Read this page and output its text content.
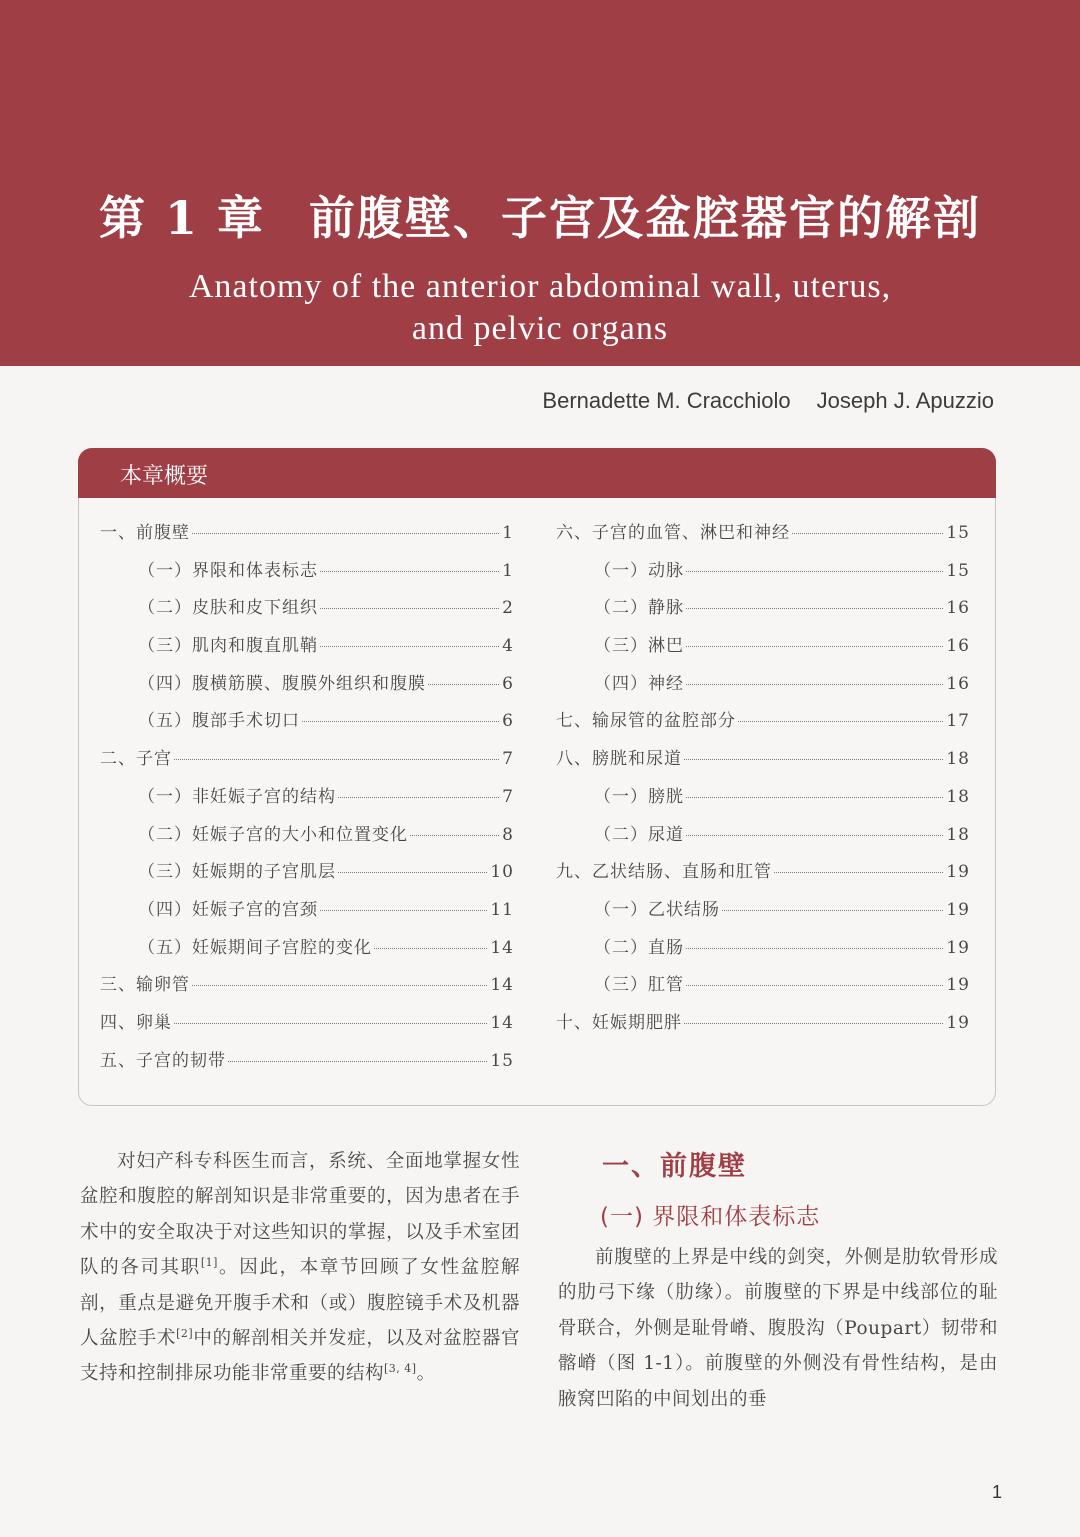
第 1 章 前腹壁、子宫及盆腔器官的解剖
Anatomy of the anterior abdominal wall, uterus,
and pelvic organs
Bernadette M. Cracchiolo Joseph J. Apuzzio
本章概要
一、前腹壁	1
（一）界限和体表标志	1
（二）皮肤和皮下组织	2
（三）肌肉和腹直肌鞘	4
（四）腹横筋膜、腹膜外组织和腹膜	6
（五）腹部手术切口	6
二、子宫	7
（一）非妊娠子宫的结构	7
（二）妊娠子宫的大小和位置变化	8
（三）妊娠期的子宫肌层	10
（四）妊娠子宫的宫颈	11
（五）妊娠期间子宫腔的变化	14
三、输卵管	14
四、卵巢	14
五、子宫的韧带	15
六、子宫的血管、淋巴和神经	15
（一）动脉	15
（二）静脉	16
（三）淋巴	16
（四）神经	16
七、输尿管的盆腔部分	17
八、膀胱和尿道	18
（一）膀胱	18
（二）尿道	18
九、乙状结肠、直肠和肛管	19
（一）乙状结肠	19
（二）直肠	19
（三）肛管	19
十、妊娠期肥胖	19
对妇产科专科医生而言，系统、全面地掌握女性盆腔和腹腔的解剖知识是非常重要的，因为患者在手术中的安全取决于对这些知识的掌握，以及手术室团队的各司其职[1]。因此，本章节回顾了女性盆腔解剖，重点是避免开腹手术和（或）腹腔镜手术及机器人盆腔手术[2]中的解剖相关并发症，以及对盆腔器官支持和控制排尿功能非常重要的结构[3, 4]。
一、前腹壁
(一) 界限和体表标志
前腹壁的上界是中线的剑突，外侧是肋软骨形成的肋弓下缘（肋缘）。前腹壁的下界是中线部位的耻骨联合，外侧是耻骨嵴、腹股沟（Poupart）韧带和髂嵴（图 1-1）。前腹壁的外侧没有骨性结构，是由腋窝凹陷的中间划出的垂
1
